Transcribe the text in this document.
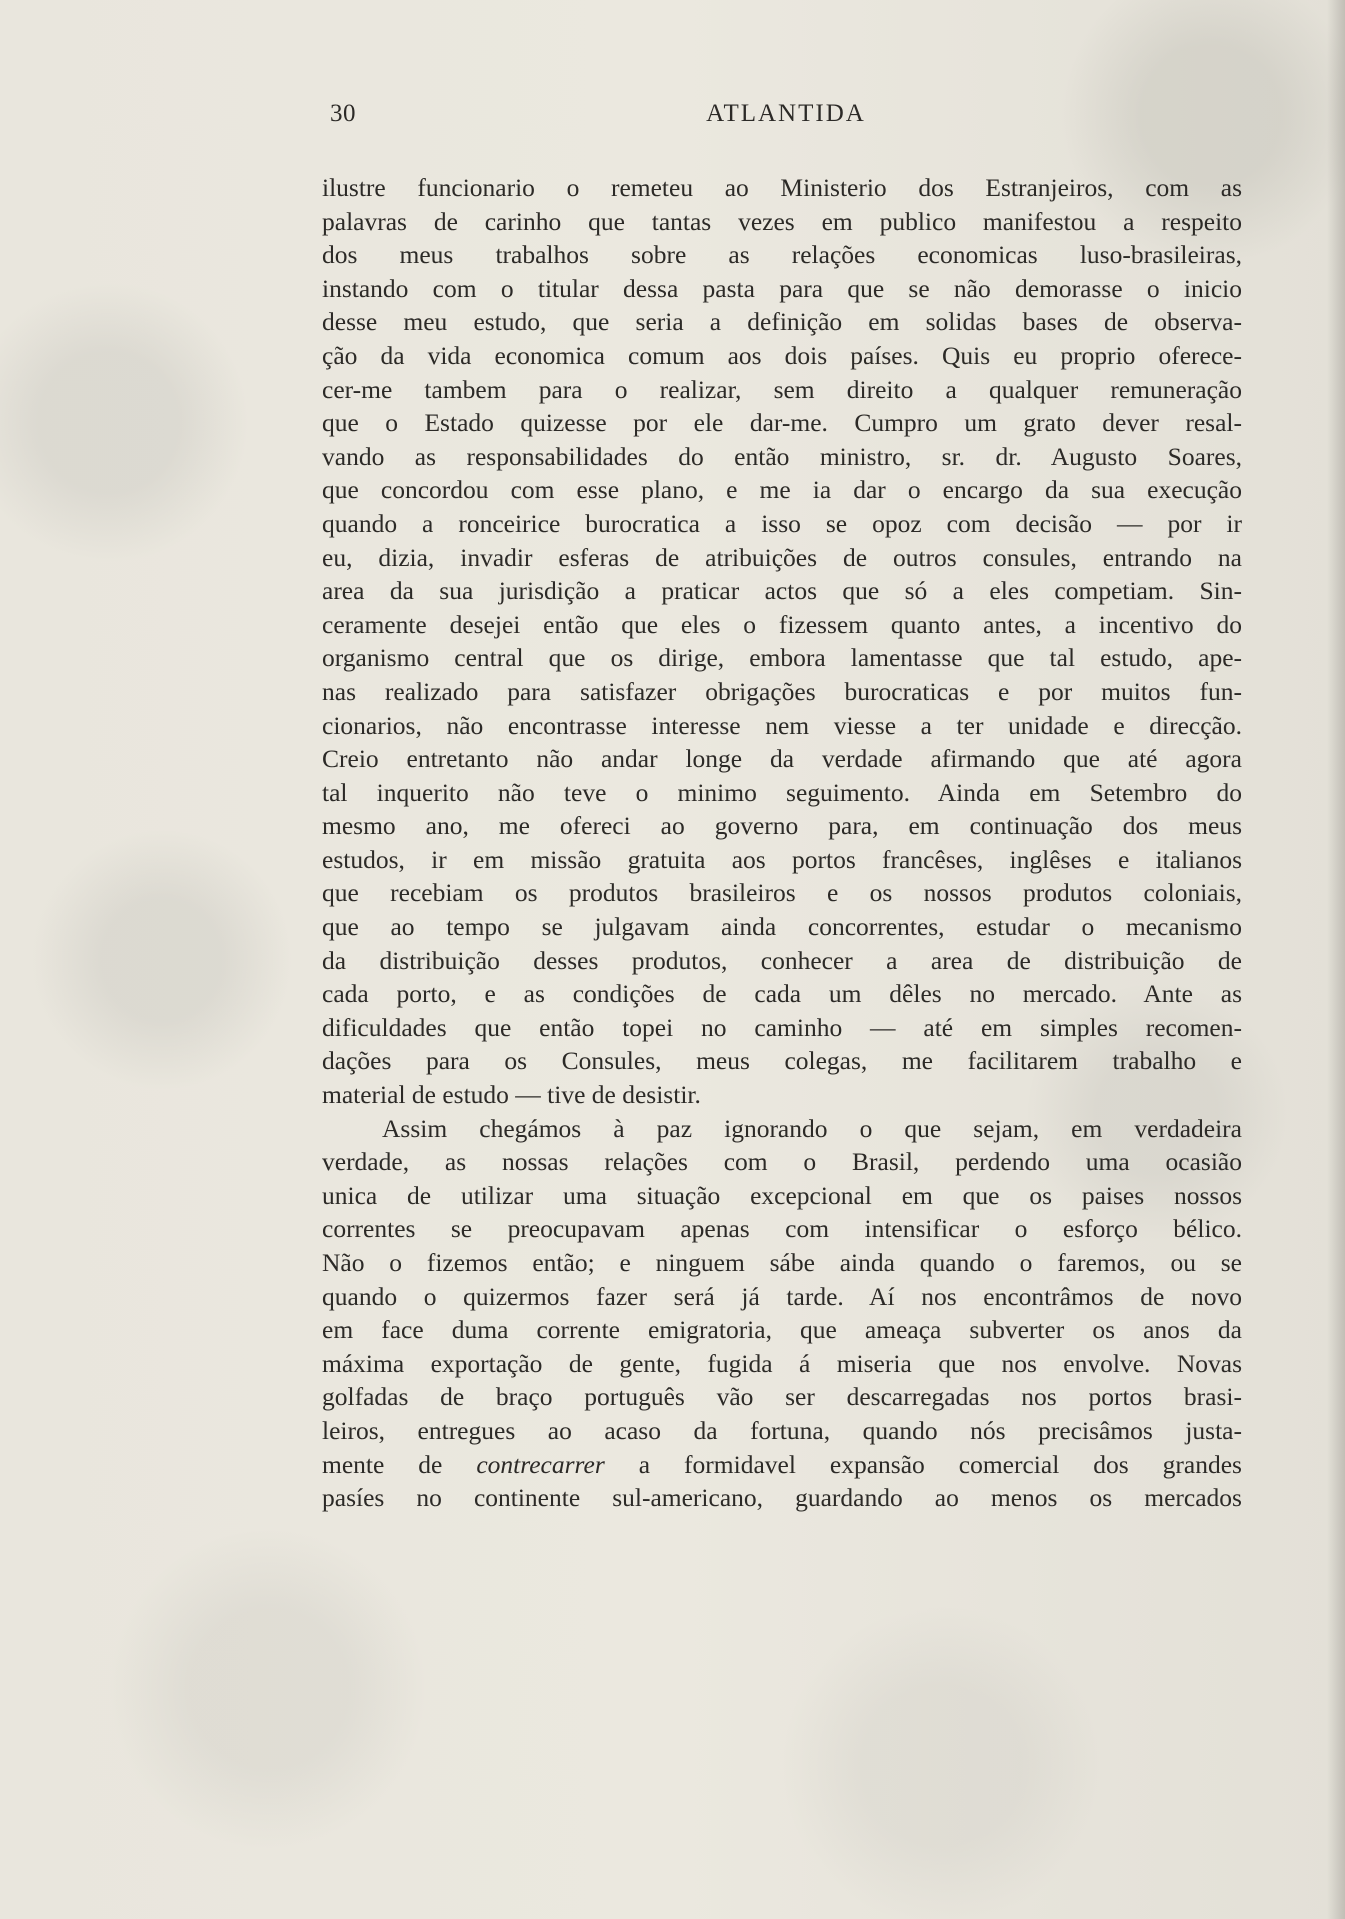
30	ATLANTIDA
ilustre funcionario o remeteu ao Ministerio dos Estranjeiros, com as
palavras de carinho que tantas vezes em publico manifestou a respeito
dos meus trabalhos sobre as relações economicas luso-brasileiras,
instando com o titular dessa pasta para que se não demorasse o inicio
desse meu estudo, que seria a definição em solidas bases de observa-
ção da vida economica comum aos dois países. Quis eu proprio oferece-
cer-me tambem para o realizar, sem direito a qualquer remuneração
que o Estado quizesse por ele dar-me. Cumpro um grato dever resal-
vando as responsabilidades do então ministro, sr. dr. Augusto Soares,
que concordou com esse plano, e me ia dar o encargo da sua execução
quando a ronceirice burocratica a isso se opoz com decisão — por ir
eu, dizia, invadir esferas de atribuições de outros consules, entrando na
area da sua jurisdição a praticar actos que só a eles competiam. Sin-
ceramente desejei então que eles o fizessem quanto antes, a incentivo do
organismo central que os dirige, embora lamentasse que tal estudo, ape-
nas realizado para satisfazer obrigações burocraticas e por muitos fun-
cionarios, não encontrasse interesse nem viesse a ter unidade e direcção.
Creio entretanto não andar longe da verdade afirmando que até agora
tal inquerito não teve o minimo seguimento. Ainda em Setembro do
mesmo ano, me ofereci ao governo para, em continuação dos meus
estudos, ir em missão gratuita aos portos francêses, inglêses e italianos
que recebiam os produtos brasileiros e os nossos produtos coloniais,
que ao tempo se julgavam ainda concorrentes, estudar o mecanismo
da distribuição desses produtos, conhecer a area de distribuição de
cada porto, e as condições de cada um dêles no mercado. Ante as
dificuldades que então topei no caminho — até em simples recomen-
dações para os Consules, meus colegas, me facilitarem trabalho e
material de estudo — tive de desistir.
Assim chegámos à paz ignorando o que sejam, em verdadeira
verdade, as nossas relações com o Brasil, perdendo uma ocasião
unica de utilizar uma situação excepcional em que os paises nossos
correntes se preocupavam apenas com intensificar o esforço bélico.
Não o fizemos então; e ninguem sábe ainda quando o faremos, ou se
quando o quizermos fazer será já tarde. Aí nos encontrâmos de novo
em face duma corrente emigratoria, que ameaça subverter os anos da
máxima exportação de gente, fugida á miseria que nos envolve. Novas
golfadas de braço português vão ser descarregadas nos portos brasi-
leiros, entregues ao acaso da fortuna, quando nós precisâmos justa-
mente de contrecarrer a formidavel expansão comercial dos grandes
pasíes no continente sul-americano, guardando ao menos os mercados
